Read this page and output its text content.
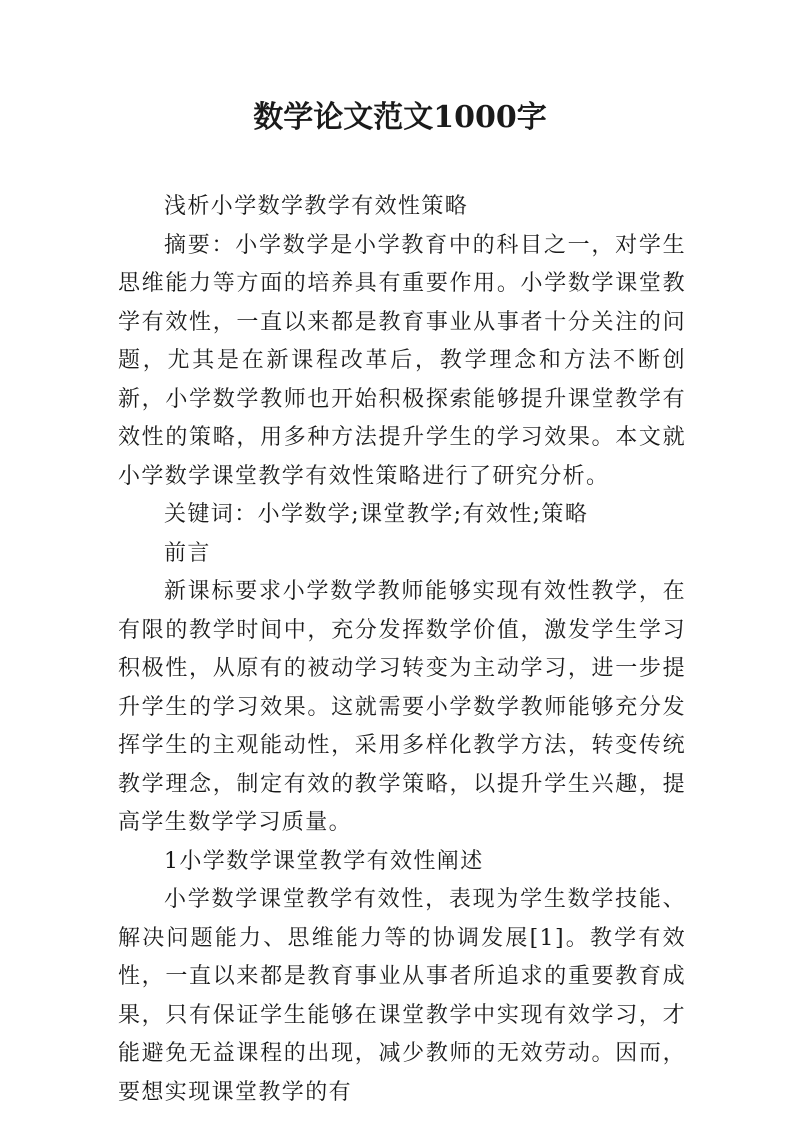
数学论文范文1000字

浅析小学数学教学有效性策略

摘要：小学数学是小学教育中的科目之一，对学生思维能力等方面的培养具有重要作用。小学数学课堂教学有效性，一直以来都是教育事业从事者十分关注的问题，尤其是在新课程改革后，教学理念和方法不断创新，小学数学教师也开始积极探索能够提升课堂教学有效性的策略，用多种方法提升学生的学习效果。本文就小学数学课堂教学有效性策略进行了研究分析。

关键词：小学数学;课堂教学;有效性;策略

前言

新课标要求小学数学教师能够实现有效性教学，在有限的教学时间中，充分发挥数学价值，激发学生学习积极性，从原有的被动学习转变为主动学习，进一步提升学生的学习效果。这就需要小学数学教师能够充分发挥学生的主观能动性，采用多样化教学方法，转变传统教学理念，制定有效的教学策略，以提升学生兴趣，提高学生数学学习质量。

1小学数学课堂教学有效性阐述

小学数学课堂教学有效性，表现为学生数学技能、解决问题能力、思维能力等的协调发展[1]。教学有效性，一直以来都是教育事业从事者所追求的重要教育成果，只有保证学生能够在课堂教学中实现有效学习，才能避免无益课程的出现，减少教师的无效劳动。因而，要想实现课堂教学的有
